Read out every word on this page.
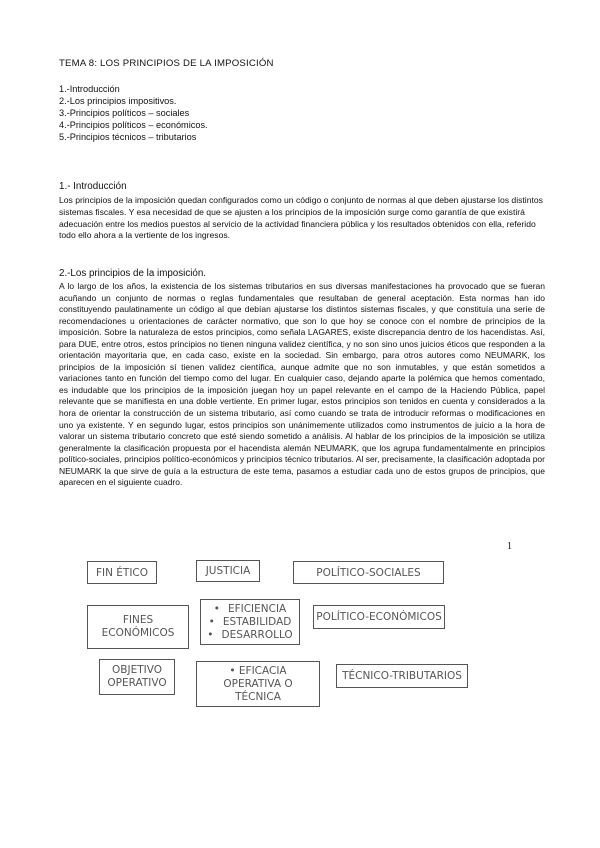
TEMA 8: LOS PRINCIPIOS DE LA IMPOSICIÓN
1.-Introducción
2.-Los principios impositivos.
3.-Principios políticos – sociales
4.-Principios políticos – económicos.
5.-Principios técnicos – tributarios
1.- Introducción
Los principios de la imposición quedan configurados como un código o conjunto de normas al que deben ajustarse los distintos sistemas fiscales. Y esa necesidad de que se ajusten a los principios de la imposición surge como garantía de que existirá adecuación entre los medios puestos al servicio de la actividad financiera pública y los resultados obtenidos con ella, referido todo ello ahora a la vertiente de los ingresos.
2.-Los principios de la imposición.
A lo largo de los años, la existencia de los sistemas tributarios en sus diversas manifestaciones ha provocado que se fueran acuñando un conjunto de normas o reglas fundamentales que resultaban de general aceptación. Esta normas han ido constituyendo paulatinamente un código al que debían ajustarse los distintos sistemas fiscales, y que constituía una serie de recomendaciones u orientaciones de carácter normativo, que son lo que hoy se conoce con el nombre de principios de la imposición. Sobre la naturaleza de estos principios, como señala LAGARES, existe discrepancia dentro de los hacendistas. Así, para DUE, entre otros, estos principios no tienen ninguna validez científica, y no son sino unos juicios éticos que responden a la orientación mayoritaria que, en cada caso, existe en la sociedad. Sin embargo, para otros autores como NEUMARK, los principios de la imposición sí tienen validez científica, aunque admite que no son inmutables, y que están sometidos a variaciones tanto en función del tiempo como del lugar. En cualquier caso, dejando aparte la polémica que hemos comentado, es indudable que los principios de la imposición juegan hoy un papel relevante en el campo de la Haciendo Pública, papel relevante que se manifiesta en una doble vertiente. En primer lugar, estos principios son tenidos en cuenta y considerados a la hora de orientar la construcción de un sistema tributario, así como cuando se trata de introducir reformas o modificaciones en uno ya existente. Y en segundo lugar, estos principios son unánimemente utilizados como instrumentos de juicio a la hora de valorar un sistema tributario concreto que esté siendo sometido a análisis. Al hablar de los principios de la imposición se utiliza generalmente la clasificación propuesta por el hacendista alemán NEUMARK, que los agrupa fundamentalmente en principios político-sociales, principios político-económicos y principios técnico tributarios. Al ser, precisamente, la clasificación adoptada por NEUMARK la que sirve de guía a la estructura de este tema, pasamos a estudiar cada uno de estos grupos de principios, que aparecen en el siguiente cuadro.
1
FIN ÉTICO	JUSTICIA	POLÍTICO-SOCIALES
FINES
ECONÓMICOS
• EFICIENCIA
• ESTABILIDAD
• DESARROLLO
POLÍTICO-ECONÓMICOS
OBJETIVO
OPERATIVO
• EFICACIA
OPERATIVA O
TÉCNICA
TÉCNICO-TRIBUTARIOS
